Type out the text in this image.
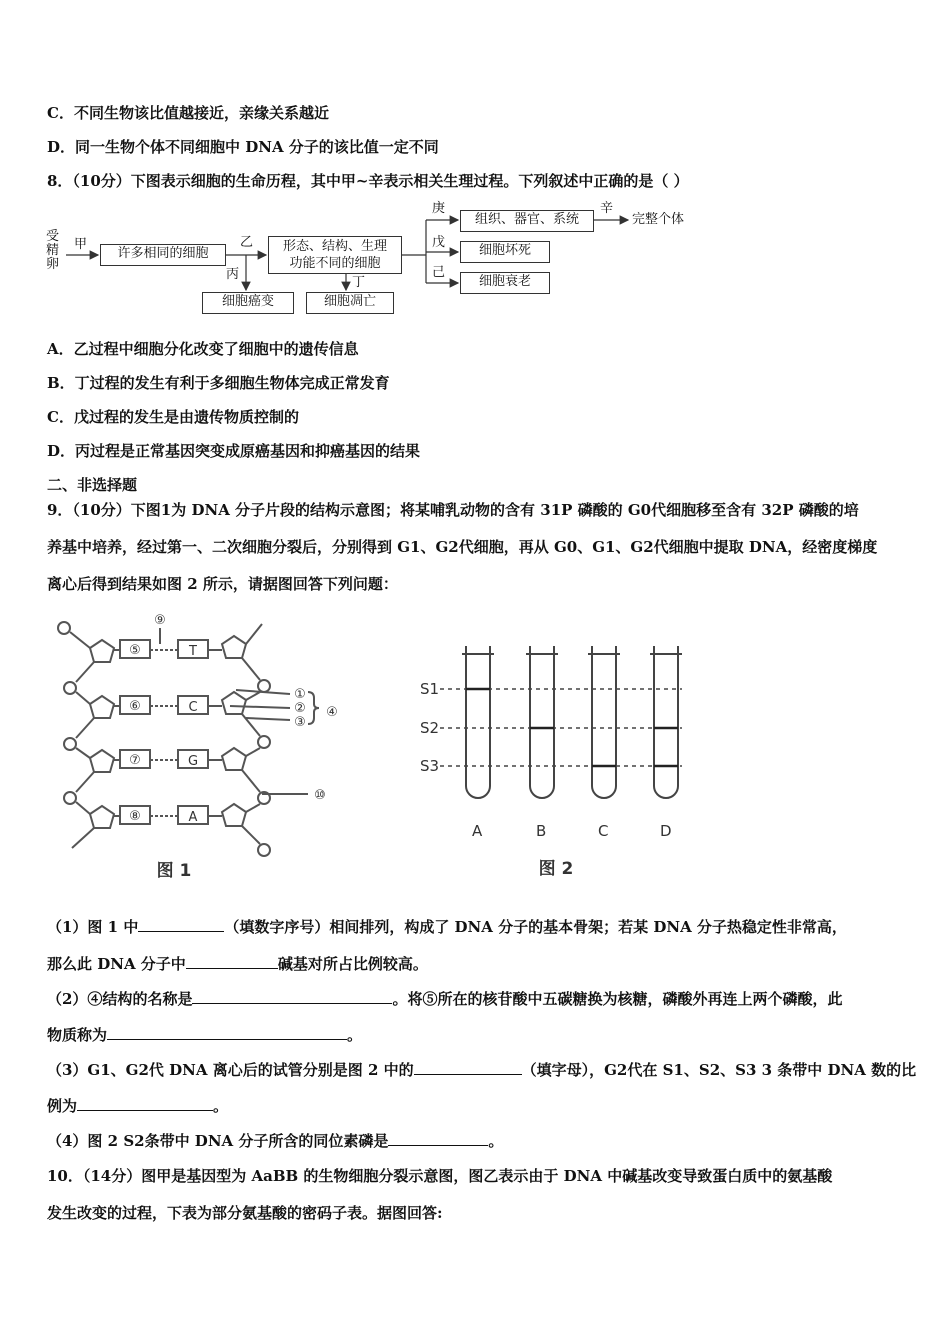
C．不同生物该比值越接近，亲缘关系越近
D．同一生物个体不同细胞中 DNA 分子的该比值一定不同
8．（10分）下图表示细胞的生命历程，其中甲~辛表示相关生理过程。下列叙述中正确的是（ ）
受
精
卵
甲
许多相同的细胞
乙
丙
形态、结构、生理
功能不同的细胞
丁
细胞癌变	细胞凋亡
庚
戊
己
组织、器官、系统
细胞坏死
细胞衰老
辛
完整个体
A．乙过程中细胞分化改变了细胞中的遗传信息
B．丁过程的发生有利于多细胞生物体完成正常发育
C．戊过程的发生是由遗传物质控制的
D．丙过程是正常基因突变成原癌基因和抑癌基因的结果
二、非选择题
9．（10分）下图1为 DNA 分子片段的结构示意图；将某哺乳动物的含有 31P 磷酸的 G0代细胞移至含有 32P 磷酸的培
养基中培养，经过第一、二次细胞分裂后，分别得到 G1、G2代细胞，再从 G0、G1、G2代细胞中提取 DNA，经密度梯度
离心后得到结果如图 2 所示，请据图回答下列问题：
⑤
⑥
⑦
⑧
T
C
G
A
⑨
①
②
③
④
⑩
图 1
S1
S2
S3
A	B	C	D
图 2
（1）图 1 中	（填数字序号）相间排列，构成了 DNA 分子的基本骨架；若某 DNA 分子热稳定性非常高，
那么此 DNA 分子中	碱基对所占比例较高。
（2）④结构的名称是	。将⑤所在的核苷酸中五碳糖换为核糖，磷酸外再连上两个磷酸，此
物质称为	。
（3）G1、G2代 DNA 离心后的试管分别是图 2 中的	（填字母），G2代在 S1、S2、S3 3 条带中 DNA 数的比
例为	。
（4）图 2 S2条带中 DNA 分子所含的同位素磷是	。
10．（14分）图甲是基因型为 AaBB 的生物细胞分裂示意图，图乙表示由于 DNA 中碱基改变导致蛋白质中的氨基酸
发生改变的过程，下表为部分氨基酸的密码子表。据图回答:
